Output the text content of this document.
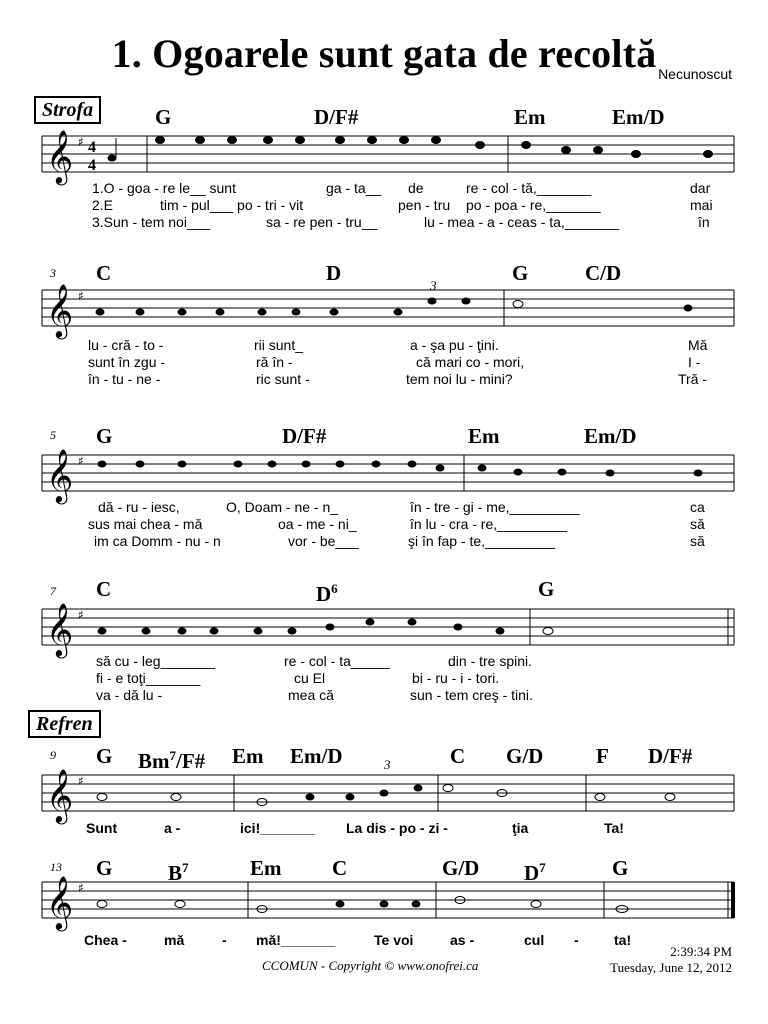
1. Ogoarele sunt gata de recoltă Necunoscut
Strofa
Refren
G	D/F#	Em	Em/D
3 C	D	G	C/D
5 G	D/F#	Em	Em/D
7 C	$D^6$	G
9 G Bm$^7$/F# Em Em/D	C G/D	F D/F#
13 G	$B^7$	Em C	G/D $D^7$	G
𝄞 ♯ 4
4
𝄞 ♯
3
𝄞 ♯
𝄞 ♯
𝄞 ♯
3
𝄞 ♯
1.O - goa - re le__ sunt	ga - ta__ de	re - col - tă,_______	dar
2.E	tim - pul___ po - tri - vit	pen - tru po - poa - re,_______	mai
3.Sun - tem noi___	sa - re pen - tru__	lu - mea - a - ceas - ta,_______	în
lu - cră - to -	rii sunt_	a - şa pu - ţini.	Mă
sunt în zgu -	ră în -	că mari co - mori,	I -
în - tu - ne -	ric sunt -	tem noi lu - mini?	Tră -
dă - ru - iesc,	O, Doam - ne - n_	în - tre - gi - me,_________	ca
sus mai chea - mă	oa - me - ni_	în lu - cra - re,_________	să
im ca Domm - nu - n	vor - be___	şi în fap - te,_________	să
să cu - leg_______	re - col - ta_____	din - tre spini.
fi - e toţi_______	cu El	bi - ru - i - tori.
va - dă lu -	mea că	sun - tem creş - tini.
Sunt	a -	ici!_______ La dis - po - zi -	ţia	Ta!
Chea -	mă	- mă!_______	Te voi	as -	cul -	ta!
2:39:34 PM
Tuesday, June 12, 2012
CCOMUN - Copyright © www.onofrei.ca
